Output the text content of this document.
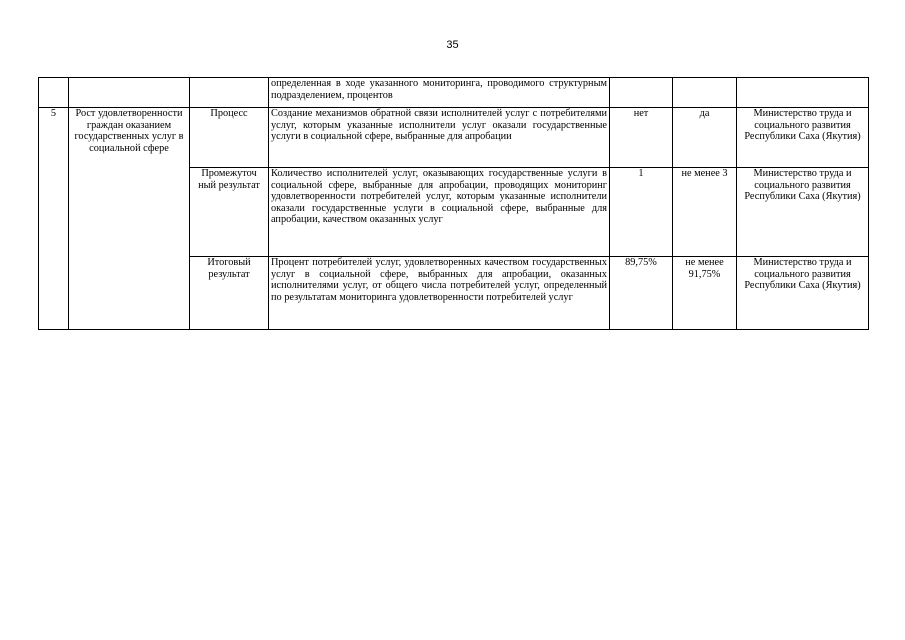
35
			определенная в ходе указанного мониторинга, проводимого структурным подразделением, процентов			
5	Рост удовлетворенности граждан оказанием государственных услуг в социальной сфере	Процесс	Создание механизмов обратной связи исполнителей услуг с потребителями услуг, которым указанные исполнители услуг оказали государственные услуги в социальной сфере, выбранные для апробации	нет	да	Министерство труда и социального развития Республики Саха (Якутия)
		Промежуточ ный результат	Количество исполнителей услуг, оказывающих государственные услуги в социальной сфере, выбранные для апробации, проводящих мониторинг удовлетворенности потребителей услуг, которым указанные исполнители оказали государственные услуги в социальной сфере, выбранные для апробации, качеством оказанных услуг	1	не менее 3	Министерство труда и социального развития Республики Саха (Якутия)
		Итоговый результат	Процент потребителей услуг, удовлетворенных качеством государственных услуг в социальной сфере, выбранных для апробации, оказанных исполнителями услуг, от общего числа потребителей услуг, определенный по результатам мониторинга удовлетворенности потребителей услуг	89,75%	не менее 91,75%	Министерство труда и социального развития Республики Саха (Якутия)
